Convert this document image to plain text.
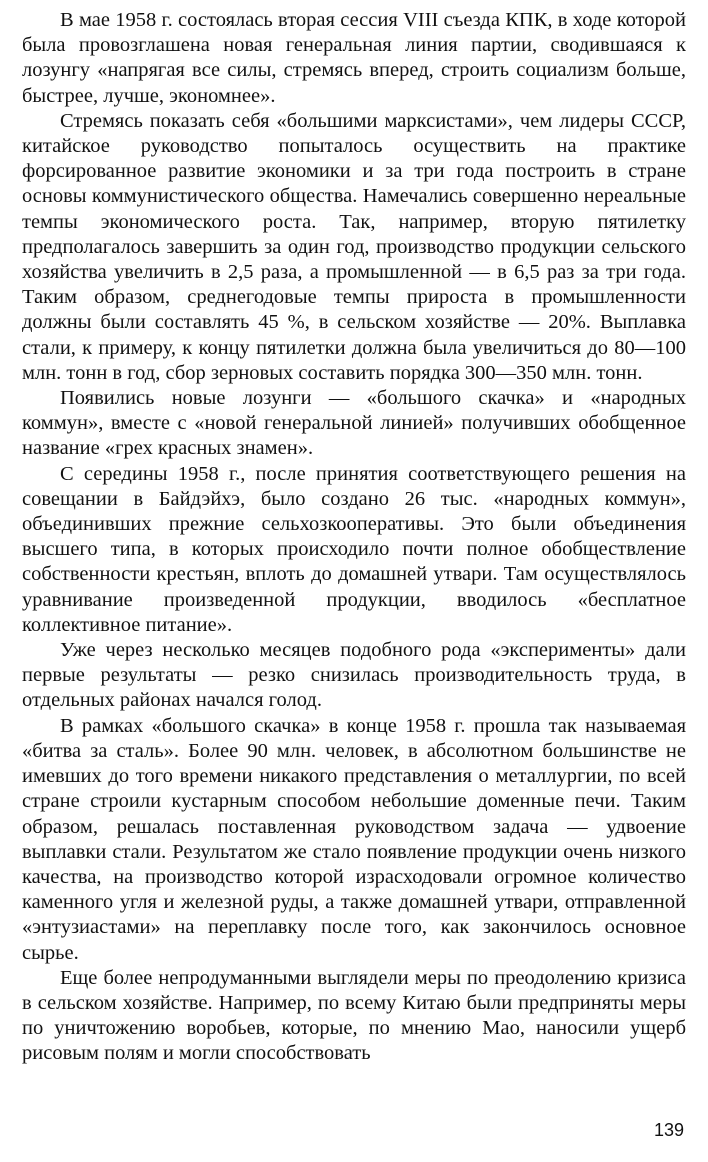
В мае 1958 г. состоялась вторая сессия VIII съезда КПК, в ходе которой была провозглашена новая генеральная линия партии, сводившаяся к лозунгу «напрягая все силы, стремясь вперед, строить социализм больше, быстрее, лучше, экономнее».

Стремясь показать себя «большими марксистами», чем лидеры СССР, китайское руководство попыталось осуществить на практике форсированное развитие экономики и за три года построить в стране основы коммунистического общества. Намечались совершенно нереальные темпы экономического роста. Так, например, вторую пятилетку предполагалось завершить за один год, производство продукции сельского хозяйства увеличить в 2,5 раза, а промышленной — в 6,5 раз за три года. Таким образом, среднегодовые темпы прироста в промышленности должны были составлять 45 %, в сельском хозяйстве — 20%. Выплавка стали, к примеру, к концу пятилетки должна была увеличиться до 80—100 млн. тонн в год, сбор зерновых составить порядка 300—350 млн. тонн.

Появились новые лозунги — «большого скачка» и «народных коммун», вместе с «новой генеральной линией» получивших обобщенное название «грех красных знамен».

С середины 1958 г., после принятия соответствующего решения на совещании в Байдэйхэ, было создано 26 тыс. «народных коммун», объединивших прежние сельхозкооперативы. Это были объединения высшего типа, в которых происходило почти полное обобществление собственности крестьян, вплоть до домашней утвари. Там осуществлялось уравнивание произведенной продукции, вводилось «бесплатное коллективное питание».

Уже через несколько месяцев подобного рода «эксперименты» дали первые результаты — резко снизилась производительность труда, в отдельных районах начался голод.

В рамках «большого скачка» в конце 1958 г. прошла так называемая «битва за сталь». Более 90 млн. человек, в абсолютном большинстве не имевших до того времени никакого представления о металлургии, по всей стране строили кустарным способом небольшие доменные печи. Таким образом, решалась поставленная руководством задача — удвоение выплавки стали. Результатом же стало появление продукции очень низкого качества, на производство которой израсходовали огромное количество каменного угля и железной руды, а также домашней утвари, отправленной «энтузиастами» на переплавку после того, как закончилось основное сырье.

Еще более непродуманными выглядели меры по преодолению кризиса в сельском хозяйстве. Например, по всему Китаю были предприняты меры по уничтожению воробьев, которые, по мнению Мао, наносили ущерб рисовым полям и могли способствовать

139
